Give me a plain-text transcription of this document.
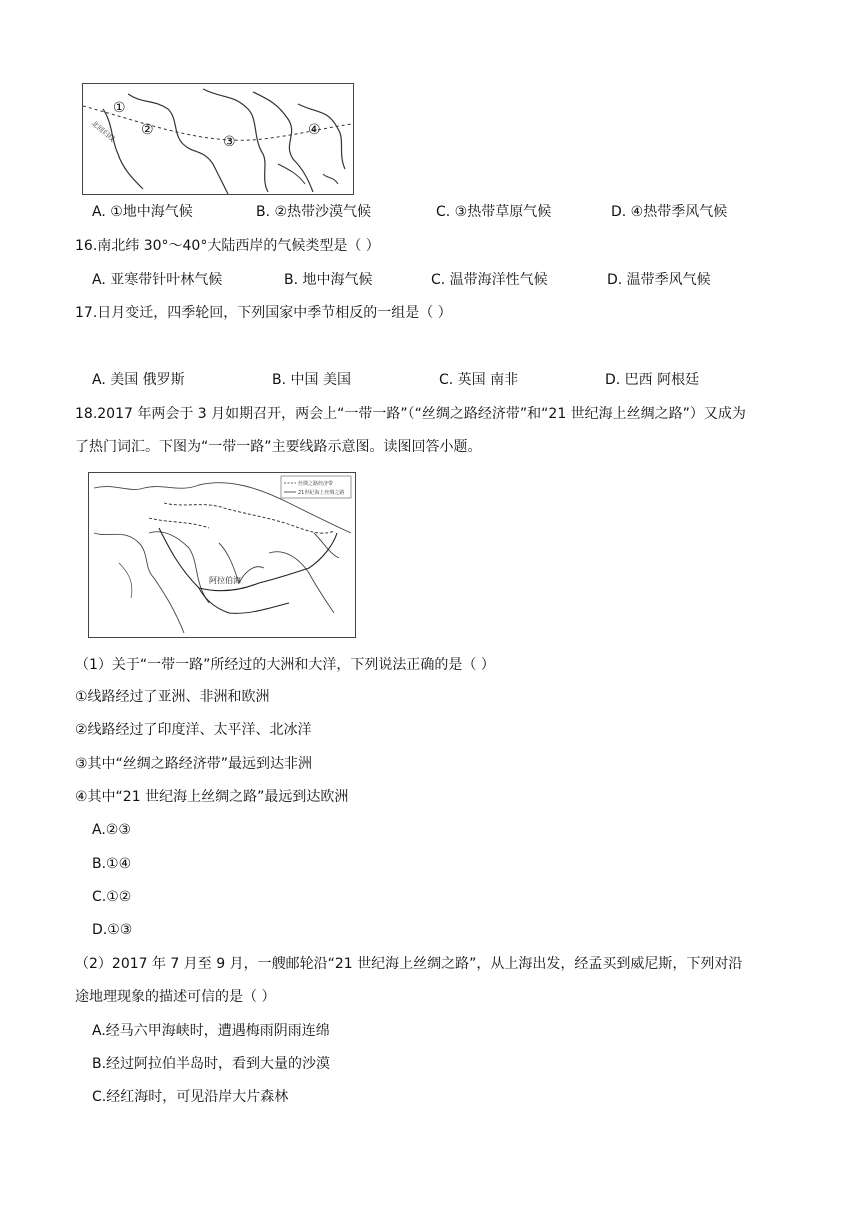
北回归线
①
②
③
④
A. ①地中海气候	B. ②热带沙漠气候	C. ③热带草原气候	D. ④热带季风气候
16.南北纬 30°～40°大陆西岸的气候类型是（ ）
A. 亚寒带针叶林气候	B. 地中海气候	C. 温带海洋性气候	D. 温带季风气候
17.日月变迁，四季轮回，下列国家中季节相反的一组是（ ）
A. 美国 俄罗斯	B. 中国 美国	C. 英国 南非	D. 巴西 阿根廷
18.2017 年两会于 3 月如期召开，两会上“一带一路”（“丝绸之路经济带”和“21 世纪海上丝绸之路”）又成为
了热门词汇。下图为“一带一路”主要线路示意图。读图回答小题。
丝绸之路经济带
21世纪海上丝绸之路
阿拉伯海
（1）关于“一带一路”所经过的大洲和大洋，下列说法正确的是（ ）
①线路经过了亚洲、非洲和欧洲
②线路经过了印度洋、太平洋、北冰洋
③其中“丝绸之路经济带”最远到达非洲
④其中“21 世纪海上丝绸之路”最远到达欧洲
A.②③
B.①④
C.①②
D.①③
（2）2017 年 7 月至 9 月，一艘邮轮沿“21 世纪海上丝绸之路”，从上海出发，经孟买到威尼斯，下列对沿
途地理现象的描述可信的是（ ）
A.经马六甲海峡时，遭遇梅雨阴雨连绵
B.经过阿拉伯半岛时，看到大量的沙漠
C.经红海时，可见沿岸大片森林
